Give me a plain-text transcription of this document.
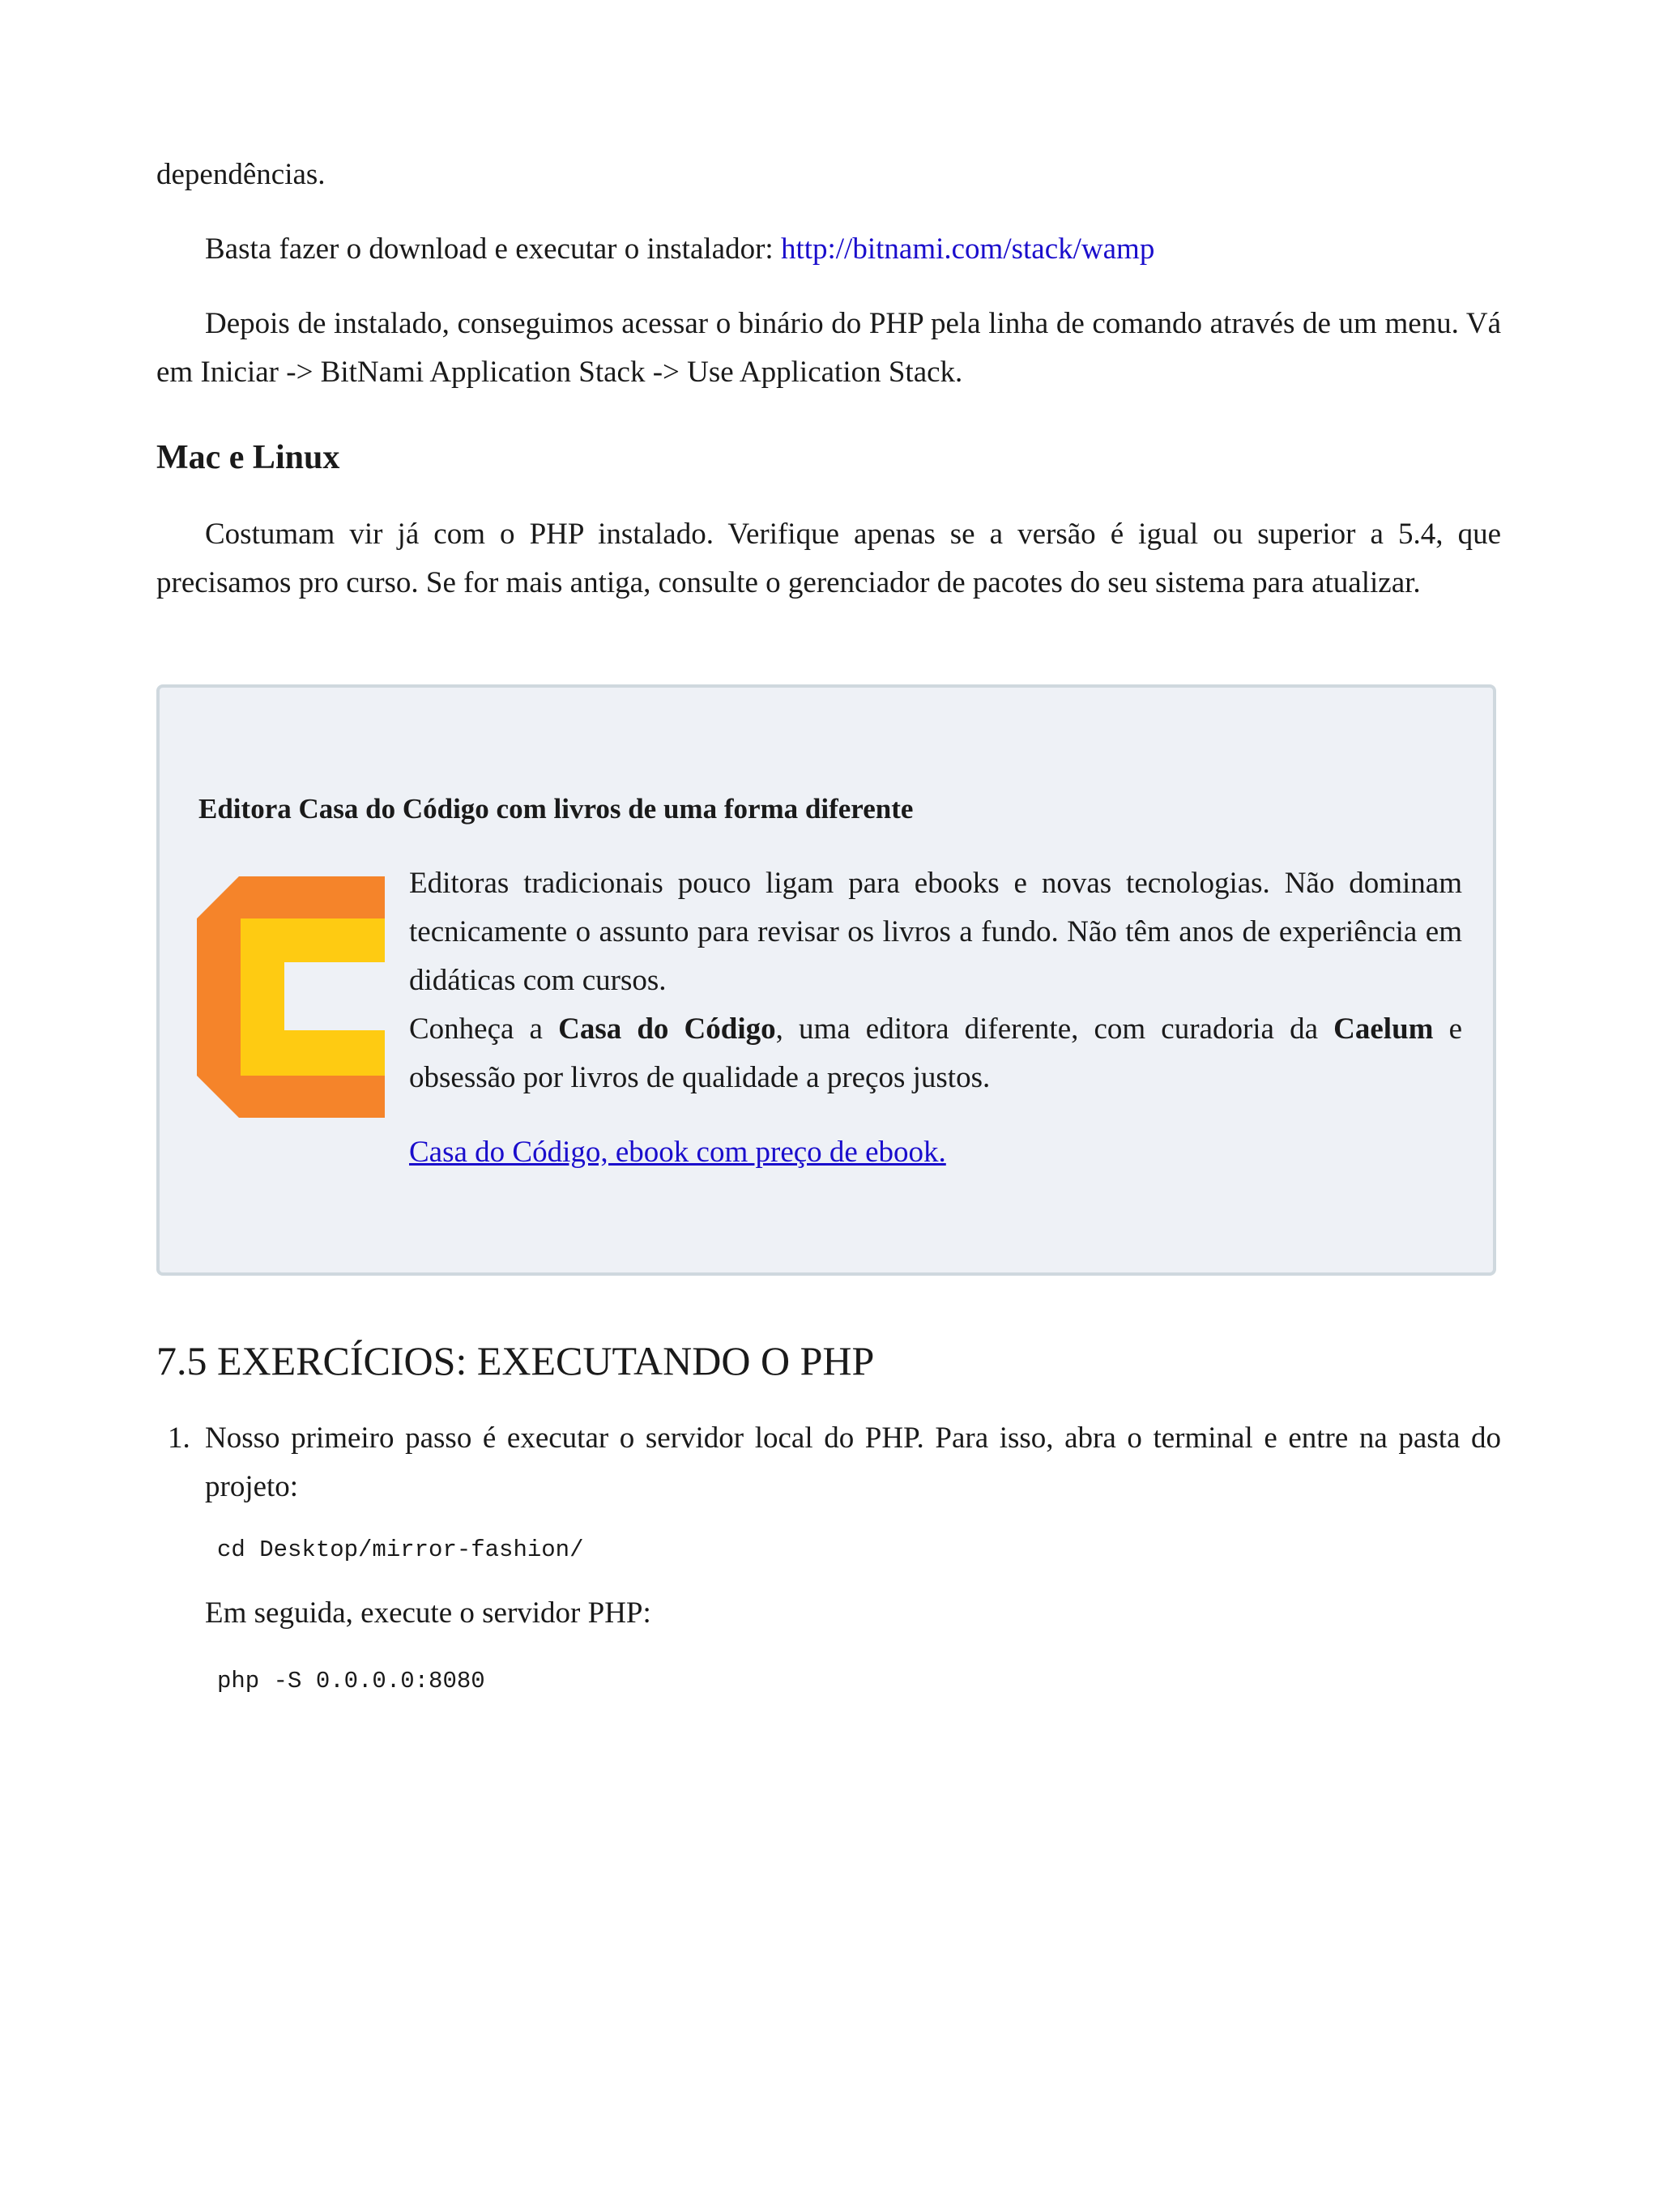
dependências.

Basta fazer o download e executar o instalador: http://bitnami.com/stack/wamp

Depois de instalado, conseguimos acessar o binário do PHP pela linha de comando através de um menu. Vá em Iniciar -> BitNami Application Stack -> Use Application Stack.

Mac e Linux

Costumam vir já com o PHP instalado. Verifique apenas se a versão é igual ou superior a 5.4, que precisamos pro curso. Se for mais antiga, consulte o gerenciador de pacotes do seu sistema para atualizar.

7.5 EXERCÍCIOS: EXECUTANDO O PHP
1. Nosso primeiro passo é executar o servidor local do PHP. Para isso, abra o terminal e entre na pasta do projeto:

cd Desktop/mirror-fashion/

Em seguida, execute o servidor PHP:

php -S 0.0.0.0:8080

Editora Casa do Código com livros de uma forma diferente

Editoras tradicionais pouco ligam para ebooks e novas tecnologias. Não dominam tecnicamente o assunto para revisar os livros a fundo. Não têm anos de experiência em didáticas com cursos.

Conheça a Casa do Código, uma editora diferente, com curadoria da Caelum e obsessão por livros de qualidade a preços justos.

Casa do Código, ebook com preço de ebook.
